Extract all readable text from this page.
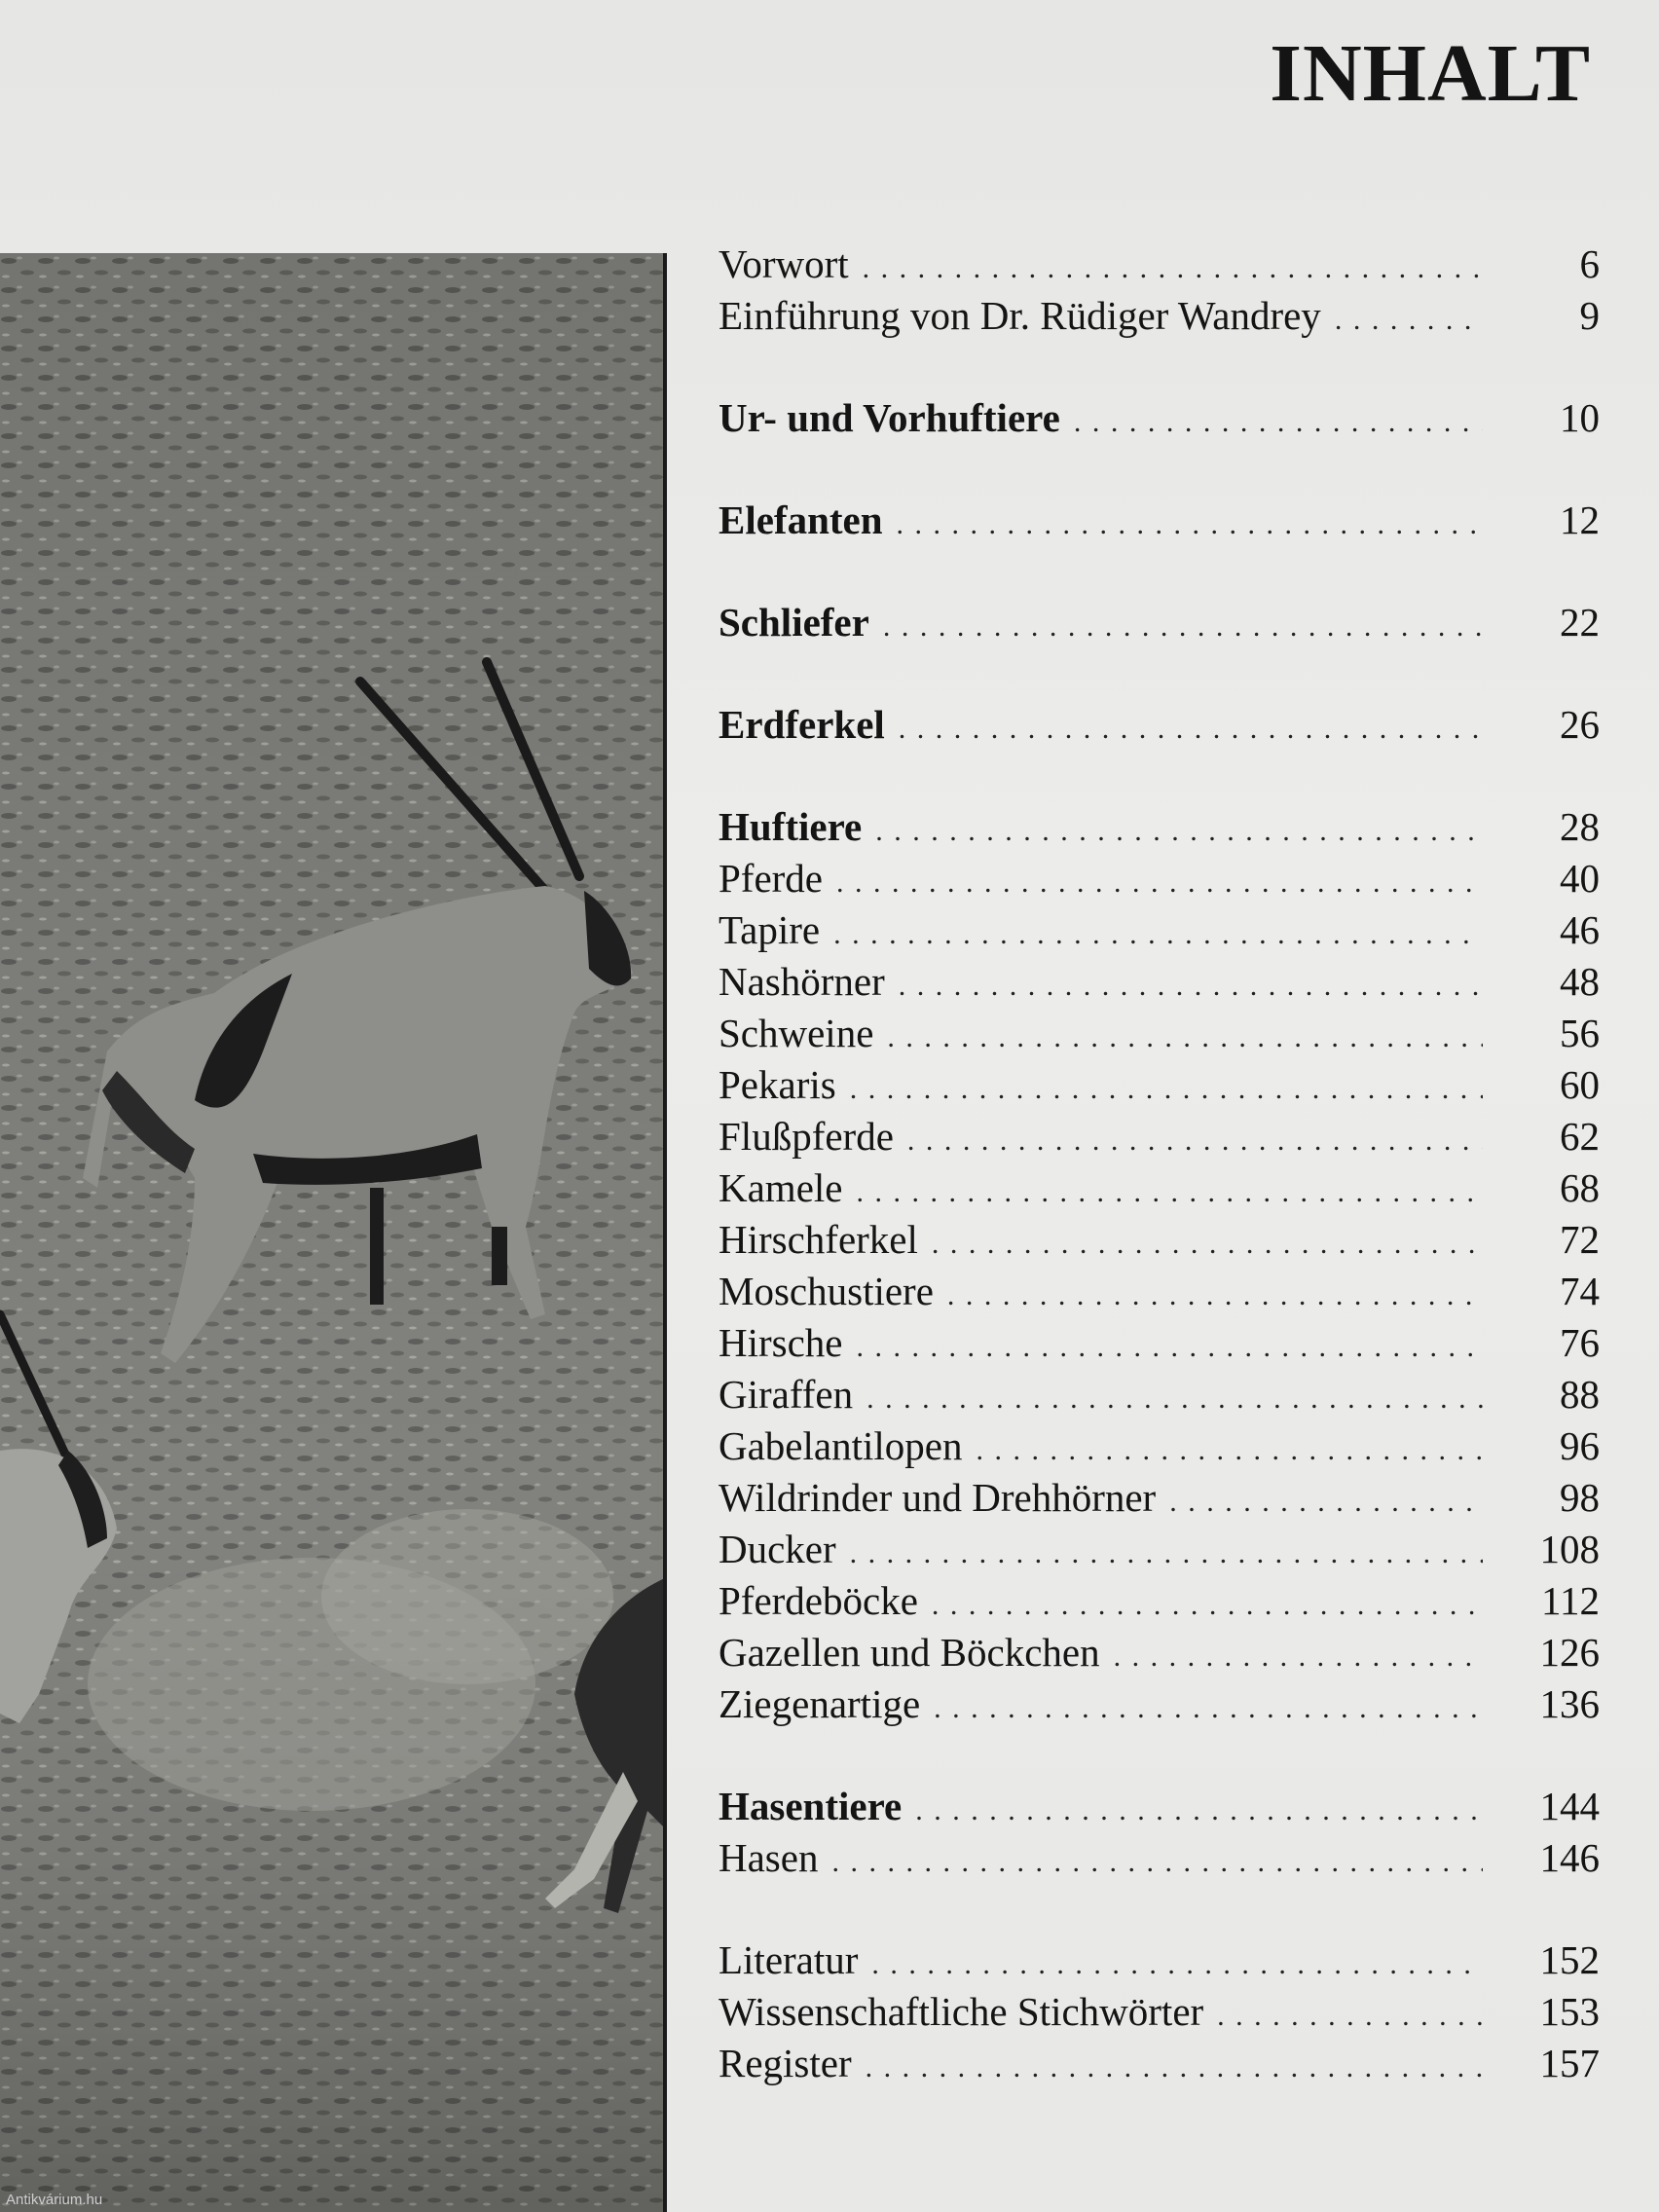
INHALT
Vorwort . . .	6
Einführung von Dr. Rüdiger Wandrey . . .	9
Ur- und Vorhuftiere . . .	10
Elefanten . . .	12
Schliefer . . .	22
Erdferkel . . .	26
Huftiere . . .	28
Pferde . . .	40
Tapire . . .	46
Nashörner . . .	48
Schweine . . .	56
Pekaris . . .	60
Flußpferde . . .	62
Kamele . . .	68
Hirschferkel . . .	72
Moschustiere . . .	74
Hirsche . . .	76
Giraffen . . .	88
Gabelantilopen . . .	96
Wildrinder und Drehhörner . . .	98
Ducker . . .	108
Pferdeböcke . . .	112
Gazellen und Böckchen . . .	126
Ziegenartige . . .	136
Hasentiere . . .	144
Hasen . . .	146
Literatur . . .	152
Wissenschaftliche Stichwörter . . .	153
Register . . .	157
Antikvárium.hu
